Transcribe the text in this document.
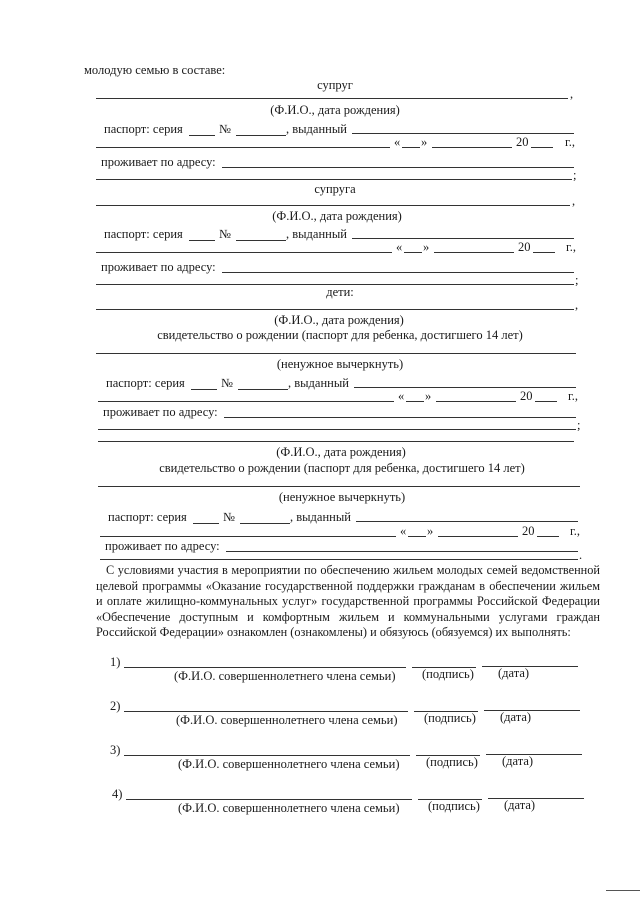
молодую семью в составе:
супруг
,
(Ф.И.О., дата рождения)
паспорт: серия	№	, выданный
« »	20	г.,
проживает по адресу:
;
супруга
,
(Ф.И.О., дата рождения)
паспорт: серия	№	, выданный
« »	20	г.,
проживает по адресу:
;
дети:
,
(Ф.И.О., дата рождения)
свидетельство о рождении (паспорт для ребенка, достигшего 14 лет)
(ненужное вычеркнуть)
паспорт: серия	№	, выданный
« »	20	г.,
проживает по адресу:
;
(Ф.И.О., дата рождения)
свидетельство о рождении (паспорт для ребенка, достигшего 14 лет)
(ненужное вычеркнуть)
паспорт: серия	№	, выданный
« »	20	г.,
проживает по адресу:
.
С условиями участия в мероприятии по обеспечению жильем молодых семей ведомственной целевой программы «Оказание государственной поддержки гражданам в обеспечении жильем и оплате жилищно-коммунальных услуг» государственной программы Российской Федерации «Обеспечение доступным и комфортным жильем и коммунальными услугами граждан Российской Федерации» ознакомлен (ознакомлены) и обязуюсь (обязуемся) их выполнять:
1)
(Ф.И.О. совершеннолетнего члена семьи) (подпись) (дата)
2)
(Ф.И.О. совершеннолетнего члена семьи) (подпись) (дата)
3)
(Ф.И.О. совершеннолетнего члена семьи) (подпись) (дата)
4)
(Ф.И.О. совершеннолетнего члена семьи) (подпись) (дата)
